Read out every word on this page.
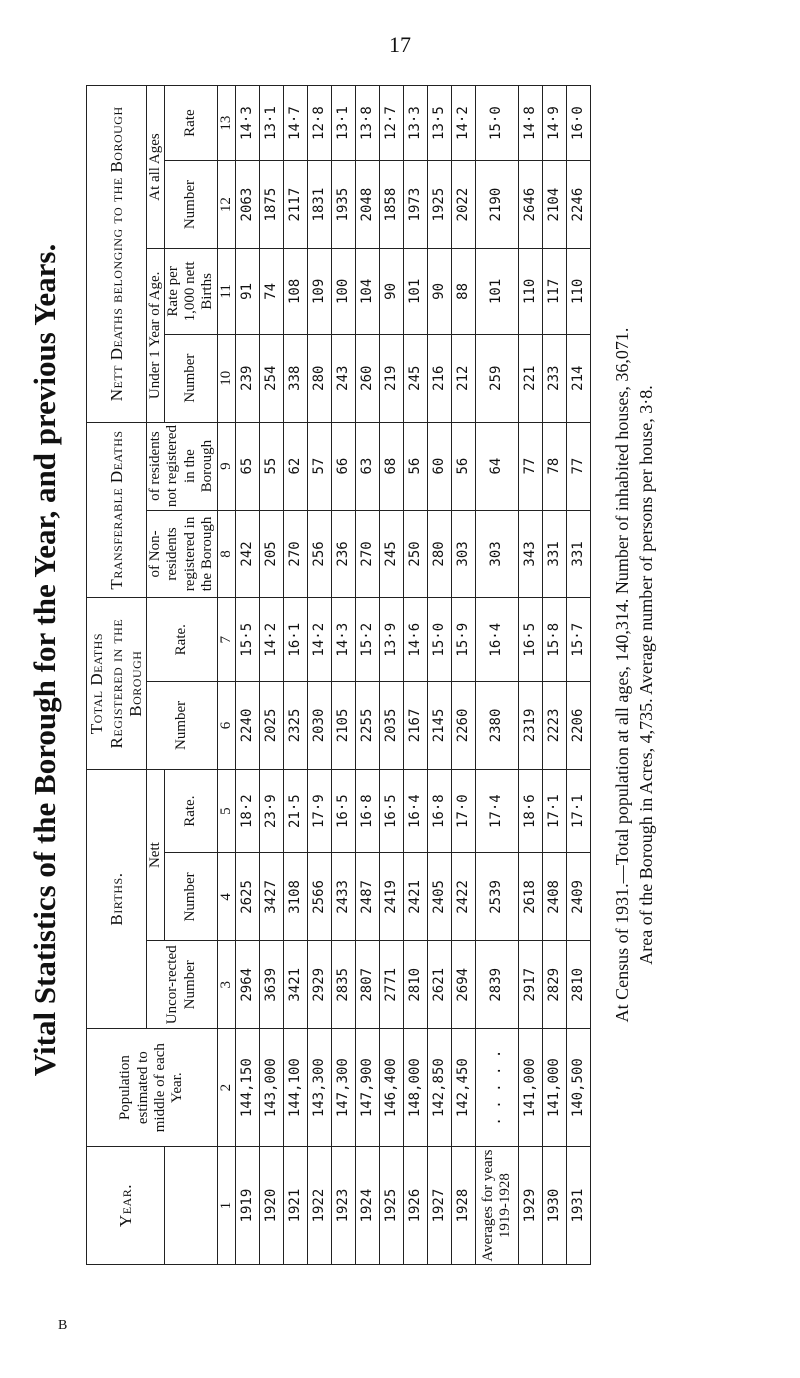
17
B
Vital Statistics of the Borough for the Year, and previous Years.
Year.	Population estimated to middle of each Year.	Births.			Total Deaths Registered in the Borough		Transferable Deaths		Nett Deaths belonging to the Borough			
		Uncor-rected Number	Nett		Number	Rate.	of Non-residents registered in the Borough	of residents not registered in the Borough	Under 1 Year of Age.		At all Ages	
			Number	Rate.					Number	Rate per 1,000 nett Births	Number	Rate
1	2	3	4	5	6	7	8	9	10	11	12	13
1919	144,150	2964	2625	18·2	2240	15·5	242	65	239	91	2063	14·3
1920	143,000	3639	3427	23·9	2025	14·2	205	55	254	74	1875	13·1
1921	144,100	3421	3108	21·5	2325	16·1	270	62	338	108	2117	14·7
1922	143,300	2929	2566	17·9	2030	14·2	256	57	280	109	1831	12·8
1923	147,300	2835	2433	16·5	2105	14·3	236	66	243	100	1935	13·1
1924	147,900	2807	2487	16·8	2255	15·2	270	63	260	104	2048	13·8
1925	146,400	2771	2419	16·5	2035	13·9	245	68	219	90	1858	12·7
1926	148,000	2810	2421	16·4	2167	14·6	250	56	245	101	1973	13·3
1927	142,850	2621	2405	16·8	2145	15·0	280	60	216	90	1925	13·5
1928	142,450	2694	2422	17·0	2260	15·9	303	56	212	88	2022	14·2
Averages for years 1919-1928	. . . . .	2839	2539	17·4	2380	16·4	303	64	259	101	2190	15·0
1929	141,000	2917	2618	18·6	2319	16·5	343	77	221	110	2646	14·8
1930	141,000	2829	2408	17·1	2223	15·8	331	78	233	117	2104	14·9
1931	140,500	2810	2409	17·1	2206	15·7	331	77	214	110	2246	16·0
At Census of 1931.—Total population at all ages, 140,314. Number of inhabited houses, 36,071. Area of the Borough in Acres, 4,735. Average number of persons per house, 3·8.
